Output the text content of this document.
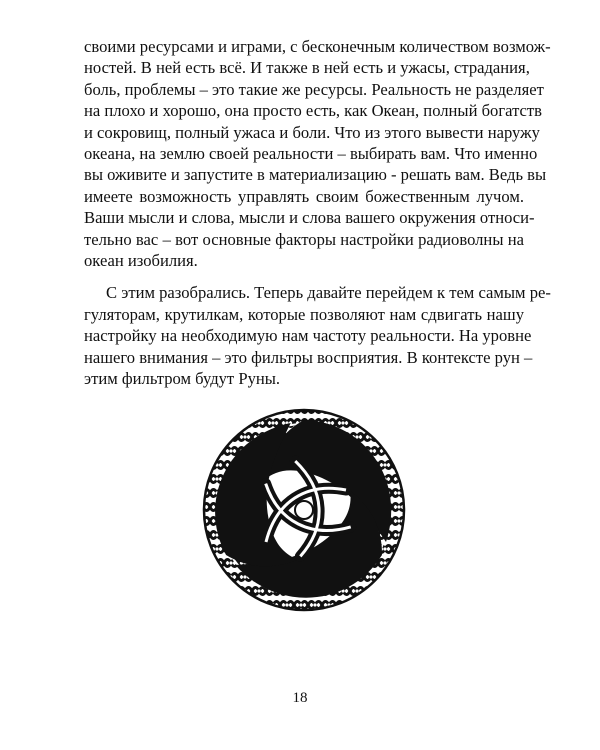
своими ресурсами и играми, с бесконечным количеством возмож-
ностей. В ней есть всё. И также в ней есть и ужасы, страдания,
боль, проблемы – это такие же ресурсы. Реальность не разделяет
на плохо и хорошо, она просто есть, как Океан, полный богатств
и сокровищ, полный ужаса и боли. Что из этого вывести наружу
океана, на землю своей реальности – выбирать вам. Что именно
вы оживите и запустите в материализацию - решать вам. Ведь вы
имеете возможность управлять своим божественным лучом.
Ваши мысли и слова, мысли и слова вашего окружения относи-
тельно вас – вот основные факторы настройки радиоволны на
океан изобилия.
С этим разобрались. Теперь давайте перейдем к тем самым ре-
гуляторам, крутилкам, которые позволяют нам сдвигать нашу
настройку на необходимую нам частоту реальности. На уровне
нашего внимания – это фильтры восприятия. В контексте рун –
этим фильтром будут Руны.
18
